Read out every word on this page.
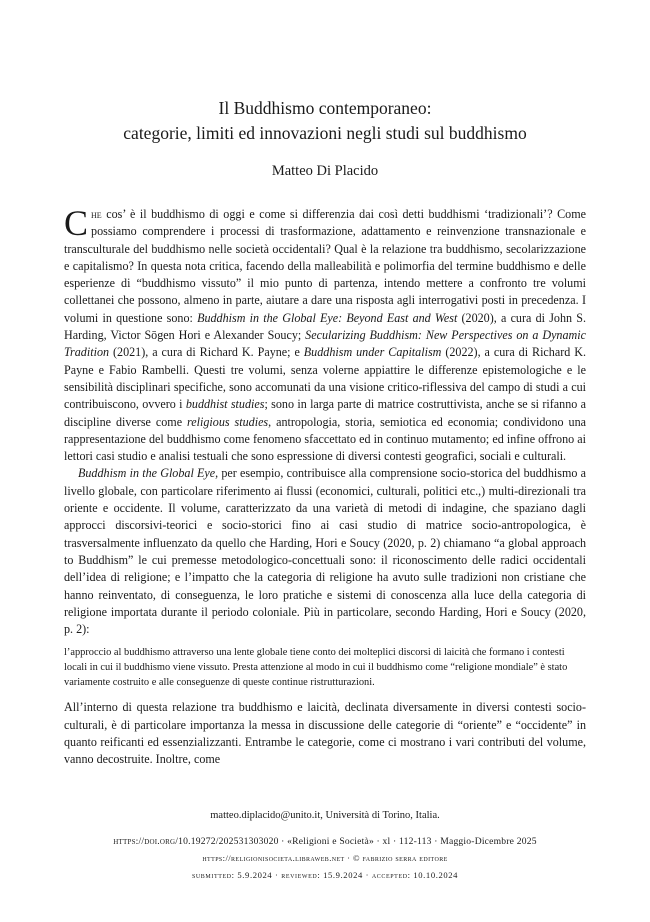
Il Buddhismo contemporaneo:
categorie, limiti ed innovazioni negli studi sul buddhismo
Matteo Di Placido

Che cos’ è il buddhismo di oggi e come si differenzia dai così detti buddhismi ‘tradizionali’? Come possiamo comprendere i processi di trasformazione, adattamento e reinvenzione transnazionale e transculturale del buddhismo nelle società occidentali? Qual è la relazione tra buddhismo, secolarizzazione e capitalismo? In questa nota critica, facendo della malleabilità e polimorfia del termine buddhismo e delle esperienze di “buddhismo vissuto” il mio punto di partenza, intendo mettere a confronto tre volumi collettanei che possono, almeno in parte, aiutare a dare una risposta agli interrogativi posti in precedenza. I volumi in questione sono: Buddhism in the Global Eye: Beyond East and West (2020), a cura di John S. Harding, Victor Sōgen Hori e Alexander Soucy; Secularizing Buddhism: New Perspectives on a Dynamic Tradition (2021), a cura di Richard K. Payne; e Buddhism under Capitalism (2022), a cura di Richard K. Payne e Fabio Rambelli. Questi tre volumi, senza volerne appiattire le differenze epistemologiche e le sensibilità disciplinari specifiche, sono accomunati da una visione critico-riflessiva del campo di studi a cui contribuiscono, ovvero i buddhist studies; sono in larga parte di matrice costruttivista, anche se si rifanno a discipline diverse come religious studies, antropologia, storia, semiotica ed economia; condividono una rappresentazione del buddhismo come fenomeno sfaccettato ed in continuo mutamento; ed infine offrono ai lettori casi studio e analisi testuali che sono espressione di diversi contesti geografici, sociali e culturali.

Buddhism in the Global Eye, per esempio, contribuisce alla comprensione socio-storica del buddhismo a livello globale, con particolare riferimento ai flussi (economici, culturali, politici etc.,) multi-direzionali tra oriente e occidente. Il volume, caratterizzato da una varietà di metodi di indagine, che spaziano dagli approcci discorsivi-teorici e socio-storici fino ai casi studio di matrice socio-antropologica, è trasversalmente influenzato da quello che Harding, Hori e Soucy (2020, p. 2) chiamano “a global approach to Buddhism” le cui premesse metodologico-concettuali sono: il riconoscimento delle radici occidentali dell’idea di religione; e l’impatto che la categoria di religione ha avuto sulle tradizioni non cristiane che hanno reinventato, di conseguenza, le loro pratiche e sistemi di conoscenza alla luce della categoria di religione importata durante il periodo coloniale. Più in particolare, secondo Harding, Hori e Soucy (2020, p. 2):

l’approccio al buddhismo attraverso una lente globale tiene conto dei molteplici discorsi di laicità che formano i contesti locali in cui il buddhismo viene vissuto. Presta attenzione al modo in cui il buddhismo come “religione mondiale” è stato variamente costruito e alle conseguenze di queste continue ristrutturazioni.

All’interno di questa relazione tra buddhismo e laicità, declinata diversamente in diversi contesti socio-culturali, è di particolare importanza la messa in discussione delle categorie di “oriente” e “occidente” in quanto reificanti ed essenzializzanti. Entrambe le categorie, come ci mostrano i vari contributi del volume, vanno decostruite. Inoltre, come

matteo.diplacido@unito.it, Università di Torino, Italia.
https://doi.org/10.19272/202531303020 · «Religioni e Società» · xl · 112-113 · Maggio-Dicembre 2025
https://religionisocieta.libraweb.net · © fabrizio serra editore
submitted: 5.9.2024 · reviewed: 15.9.2024 · accepted: 10.10.2024
